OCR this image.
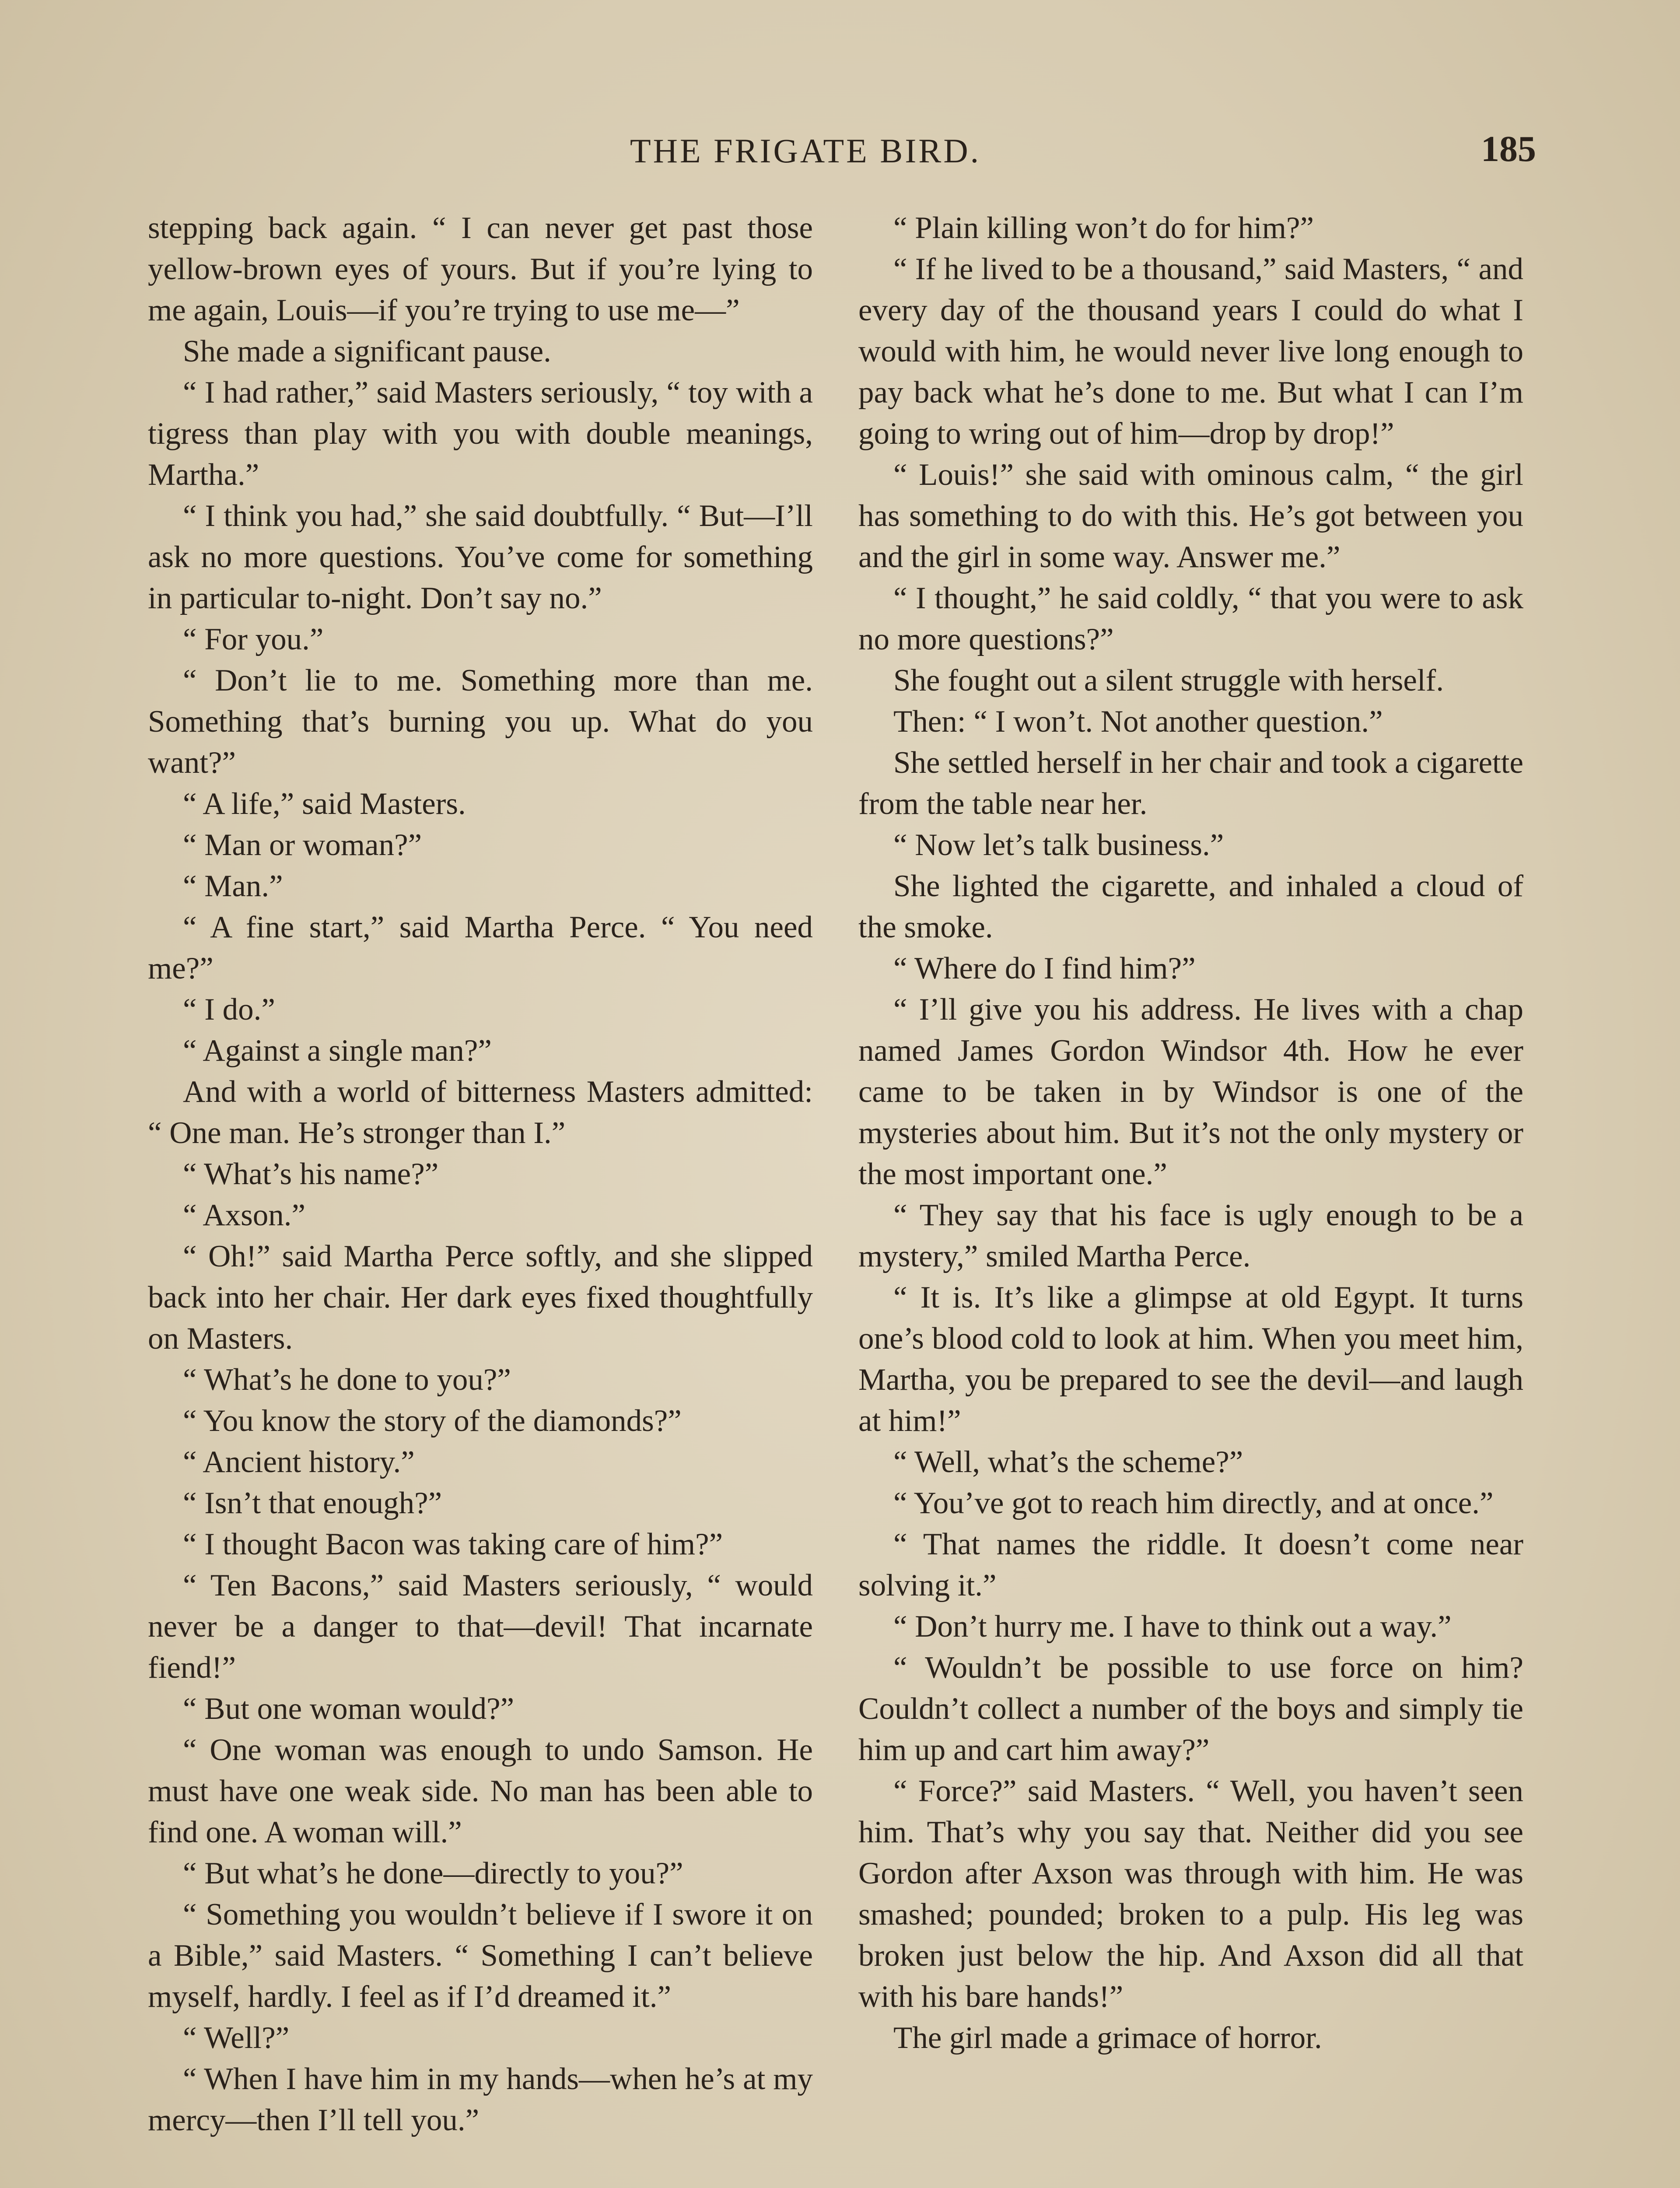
THE FRIGATE BIRD.	185

stepping back again. “ I can never get past those yellow-brown eyes of yours. But if you’re lying to me again, Louis—if you’re trying to use me—”

She made a significant pause.

“ I had rather,” said Masters seriously, “ toy with a tigress than play with you with double meanings, Martha.”

“ I think you had,” she said doubtfully. “ But—I’ll ask no more questions. You’ve come for something in particular to-night. Don’t say no.”

“ For you.”

“ Don’t lie to me. Something more than me. Something that’s burning you up. What do you want?”

“ A life,” said Masters.

“ Man or woman?”

“ Man.”

“ A fine start,” said Martha Perce. “ You need me?”

“ I do.”

“ Against a single man?”

And with a world of bitterness Masters admitted: “ One man. He’s stronger than I.”

“ What’s his name?”

“ Axson.”

“ Oh!” said Martha Perce softly, and she slipped back into her chair. Her dark eyes fixed thoughtfully on Masters.

“ What’s he done to you?”

“ You know the story of the diamonds?”

“ Ancient history.”

“ Isn’t that enough?”

“ I thought Bacon was taking care of him?”

“ Ten Bacons,” said Masters seriously, “ would never be a danger to that—devil! That incarnate fiend!”

“ But one woman would?”

“ One woman was enough to undo Samson. He must have one weak side. No man has been able to find one. A woman will.”

“ But what’s he done—directly to you?”

“ Something you wouldn’t believe if I swore it on a Bible,” said Masters. “ Something I can’t believe myself, hardly. I feel as if I’d dreamed it.”

“ Well?”

“ When I have him in my hands—when he’s at my mercy—then I’ll tell you.”

“ Plain killing won’t do for him?”

“ If he lived to be a thousand,” said Masters, “ and every day of the thousand years I could do what I would with him, he would never live long enough to pay back what he’s done to me. But what I can I’m going to wring out of him—drop by drop!”

“ Louis!” she said with ominous calm, “ the girl has something to do with this. He’s got between you and the girl in some way. Answer me.”

“ I thought,” he said coldly, “ that you were to ask no more questions?”

She fought out a silent struggle with herself.

Then: “ I won’t. Not another question.”

She settled herself in her chair and took a cigarette from the table near her.

“ Now let’s talk business.”

She lighted the cigarette, and inhaled a cloud of the smoke.

“ Where do I find him?”

“ I’ll give you his address. He lives with a chap named James Gordon Windsor 4th. How he ever came to be taken in by Windsor is one of the mysteries about him. But it’s not the only mystery or the most important one.”

“ They say that his face is ugly enough to be a mystery,” smiled Martha Perce.

“ It is. It’s like a glimpse at old Egypt. It turns one’s blood cold to look at him. When you meet him, Martha, you be prepared to see the devil—and laugh at him!”

“ Well, what’s the scheme?”

“ You’ve got to reach him directly, and at once.”

“ That names the riddle. It doesn’t come near solving it.”

“ Don’t hurry me. I have to think out a way.”

“ Wouldn’t be possible to use force on him? Couldn’t collect a number of the boys and simply tie him up and cart him away?”

“ Force?” said Masters. “ Well, you haven’t seen him. That’s why you say that. Neither did you see Gordon after Axson was through with him. He was smashed; pounded; broken to a pulp. His leg was broken just below the hip. And Axson did all that with his bare hands!”

The girl made a grimace of horror.
